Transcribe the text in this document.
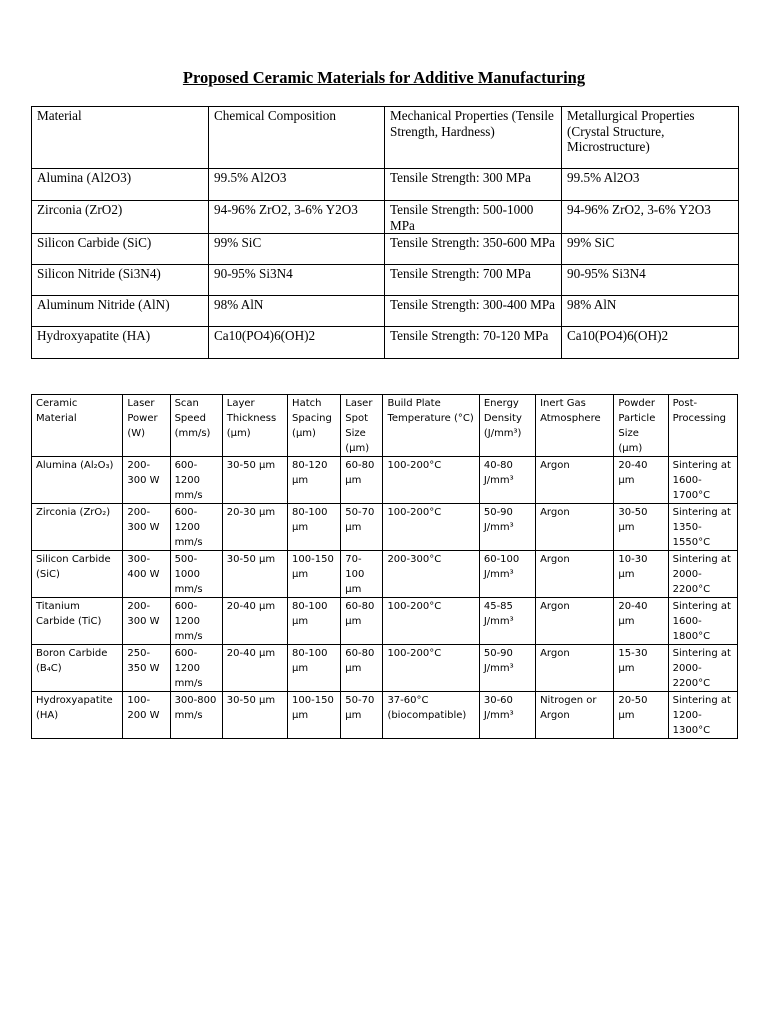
Proposed Ceramic Materials for Additive Manufacturing
Material	Chemical Composition	Mechanical Properties (Tensile Strength, Hardness)	Metallurgical Properties (Crystal Structure, Microstructure)
Alumina (Al2O3)	99.5% Al2O3	Tensile Strength: 300 MPa	99.5% Al2O3
Zirconia (ZrO2)	94-96% ZrO2, 3-6% Y2O3	Tensile Strength: 500-1000 MPa	94-96% ZrO2, 3-6% Y2O3
Silicon Carbide (SiC)	99% SiC	Tensile Strength: 350-600 MPa	99% SiC
Silicon Nitride (Si3N4)	90-95% Si3N4	Tensile Strength: 700 MPa	90-95% Si3N4
Aluminum Nitride (AlN)	98% AlN	Tensile Strength: 300-400 MPa	98% AlN
Hydroxyapatite (HA)	Ca10(PO4)6(OH)2	Tensile Strength: 70-120 MPa	Ca10(PO4)6(OH)2
Ceramic Material	Laser Power (W)	Scan Speed (mm/s)	Layer Thickness (µm)	Hatch Spacing (µm)	Laser Spot Size (µm)	Build Plate Temperature (°C)	Energy Density (J/mm³)	Inert Gas Atmosphere	Powder Particle Size (µm)	Post-Processing
Alumina (Al₂O₃)	200-300 W	600-1200 mm/s	30-50 µm	80-120 µm	60-80 µm	100-200°C	40-80 J/mm³	Argon	20-40 µm	Sintering at 1600-1700°C
Zirconia (ZrO₂)	200-300 W	600-1200 mm/s	20-30 µm	80-100 µm	50-70 µm	100-200°C	50-90 J/mm³	Argon	30-50 µm	Sintering at 1350-1550°C
Silicon Carbide (SiC)	300-400 W	500-1000 mm/s	30-50 µm	100-150 µm	70-100 µm	200-300°C	60-100 J/mm³	Argon	10-30 µm	Sintering at 2000-2200°C
Titanium Carbide (TiC)	200-300 W	600-1200 mm/s	20-40 µm	80-100 µm	60-80 µm	100-200°C	45-85 J/mm³	Argon	20-40 µm	Sintering at 1600-1800°C
Boron Carbide (B₄C)	250-350 W	600-1200 mm/s	20-40 µm	80-100 µm	60-80 µm	100-200°C	50-90 J/mm³	Argon	15-30 µm	Sintering at 2000-2200°C
Hydroxyapatite (HA)	100-200 W	300-800 mm/s	30-50 µm	100-150 µm	50-70 µm	37-60°C (biocompatible)	30-60 J/mm³	Nitrogen or Argon	20-50 µm	Sintering at 1200-1300°C
